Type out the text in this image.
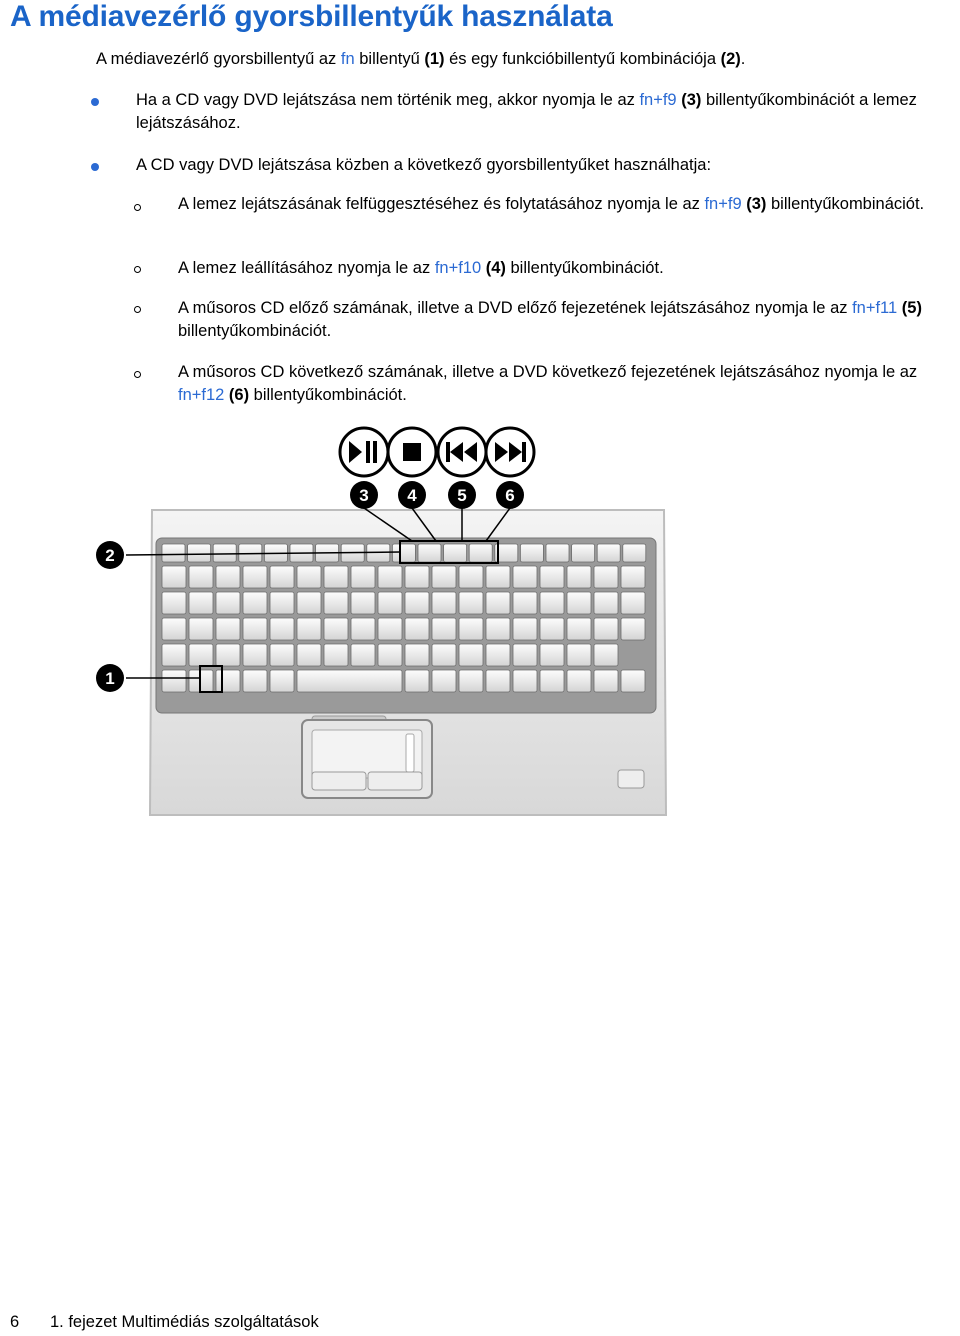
A médiavezérlő gyorsbillentyűk használata
A médiavezérlő gyorsbillentyű az fn billentyű (1) és egy funkcióbillentyű kombinációja (2).
Ha a CD vagy DVD lejátszása nem történik meg, akkor nyomja le az fn+f9 (3) billentyűkombinációt a lemez lejátszásához.
A CD vagy DVD lejátszása közben a következő gyorsbillentyűket használhatja:
A lemez lejátszásának felfüggesztéséhez és folytatásához nyomja le az fn+f9 (3) billentyűkombinációt.
A lemez leállításához nyomja le az fn+f10 (4) billentyűkombinációt.
A műsoros CD előző számának, illetve a DVD előző fejezetének lejátszásához nyomja le az fn+f11 (5) billentyűkombinációt.
A műsoros CD következő számának, illetve a DVD következő fejezetének lejátszásához nyomja le az fn+f12 (6) billentyűkombinációt.
3 4 5 6
2
1
6 1. fejezet Multimédiás szolgáltatások
